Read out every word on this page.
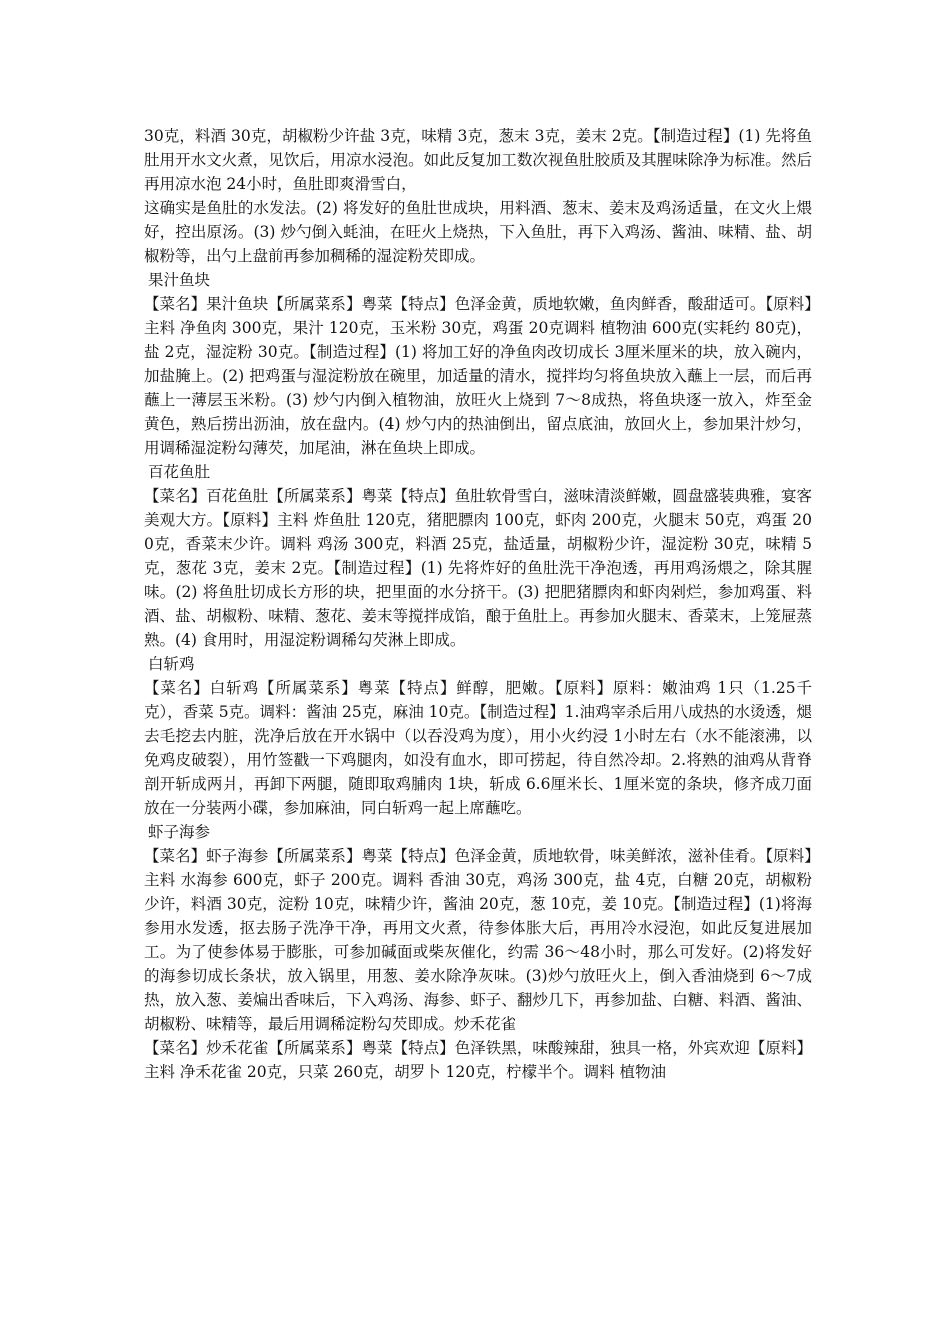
30克，料酒 30克，胡椒粉少许盐 3克，味精 3克，葱末 3克，姜末 2克。【制造过程】(1) 先将鱼肚用开水文火煮，见饮后，用凉水浸泡。如此反复加工数次视鱼肚胶质及其腥味除净为标准。然后再用凉水泡 24小时，鱼肚即爽滑雪白，

这确实是鱼肚的水发法。(2) 将发好的鱼肚世成块，用料酒、葱末、姜末及鸡汤适量，在文火上煨好，控出原汤。(3) 炒勺倒入蚝油，在旺火上烧热，下入鱼肚，再下入鸡汤、酱油、味精、盐、胡椒粉等，出勺上盘前再参加稠稀的湿淀粉芡即成。

果汁鱼块

【菜名】果汁鱼块【所属菜系】粤菜【特点】色泽金黄，质地软嫩，鱼肉鲜香，酸甜适可。【原料】主料 净鱼肉 300克，果汁 120克，玉米粉 30克，鸡蛋 20克调料 植物油 600克(实耗约 80克)，盐 2克，湿淀粉 30克。【制造过程】(1) 将加工好的净鱼肉改切成长 3厘米厘米的块，放入碗内，加盐腌上。(2) 把鸡蛋与湿淀粉放在碗里，加适量的清水，搅拌均匀将鱼块放入蘸上一层，而后再蘸上一薄层玉米粉。(3) 炒勺内倒入植物油，放旺火上烧到 7～8成热，将鱼块逐一放入，炸至金黄色，熟后捞出沥油，放在盘内。(4) 炒勺内的热油倒出，留点底油，放回火上，参加果汁炒匀，用调稀湿淀粉勾薄芡，加尾油，淋在鱼块上即成。

百花鱼肚

【菜名】百花鱼肚【所属菜系】粤菜【特点】鱼肚软骨雪白，滋味清淡鲜嫩，圆盘盛装典雅，宴客美观大方。【原料】主料 炸鱼肚 120克，猪肥膘肉 100克，虾肉 200克，火腿末 50克，鸡蛋 200克，香菜末少许。调料 鸡汤 300克，料酒 25克，盐适量，胡椒粉少许，湿淀粉 30克，味精 5克，葱花 3克，姜末 2克。【制造过程】(1) 先将炸好的鱼肚洗干净泡透，再用鸡汤煨之，除其腥味。(2) 将鱼肚切成长方形的块，把里面的水分挤干。(3) 把肥猪膘肉和虾肉剁烂，参加鸡蛋、料酒、盐、胡椒粉、味精、葱花、姜末等搅拌成馅，酿于鱼肚上。再参加火腿末、香菜末，上笼屉蒸熟。(4) 食用时，用湿淀粉调稀勾芡淋上即成。

白斩鸡

【菜名】白斩鸡【所属菜系】粤菜【特点】鲜醇，肥嫩。【原料】原料：嫩油鸡 1只（1.25千克），香菜 5克。调料：酱油 25克，麻油 10克。【制造过程】1.油鸡宰杀后用八成热的水烫透，煺去毛挖去内脏，洗净后放在开水锅中（以吞没鸡为度），用小火约浸 1小时左右（水不能滚沸，以免鸡皮破裂），用竹签戳一下鸡腿肉，如没有血水，即可捞起，待自然冷却。2.将熟的油鸡从背脊剖开斩成两爿，再卸下两腿，随即取鸡脯肉 1块，斩成 6.6厘米长、1厘米宽的条块，修齐成刀面放在一分装两小碟，参加麻油，同白斩鸡一起上席蘸吃。

虾子海参

【菜名】虾子海参【所属菜系】粤菜【特点】色泽金黄，质地软骨，味美鲜浓，滋补佳肴。【原料】主料 水海参 600克，虾子 200克。调料 香油 30克，鸡汤 300克，盐 4克，白糖 20克，胡椒粉少许，料酒 30克，淀粉 10克，味精少许，酱油 20克，葱 10克，姜 10克。【制造过程】(1)将海参用水发透，抠去肠子洗净干净，再用文火煮，待参体胀大后，再用冷水浸泡，如此反复进展加工。为了使参体易于膨胀，可参加碱面或柴灰催化，约需 36～48小时，那么可发好。(2)将发好的海参切成长条状，放入锅里，用葱、姜水除净灰味。(3)炒勺放旺火上，倒入香油烧到 6～7成热，放入葱、姜煸出香味后，下入鸡汤、海参、虾子、翻炒几下，再参加盐、白糖、料酒、酱油、胡椒粉、味精等，最后用调稀淀粉勾芡即成。炒禾花雀

【菜名】炒禾花雀【所属菜系】粤菜【特点】色泽铁黑，味酸辣甜，独具一格，外宾欢迎【原料】主料 净禾花雀 20克，只菜 260克，胡罗卜 120克，柠檬半个。调料 植物油
